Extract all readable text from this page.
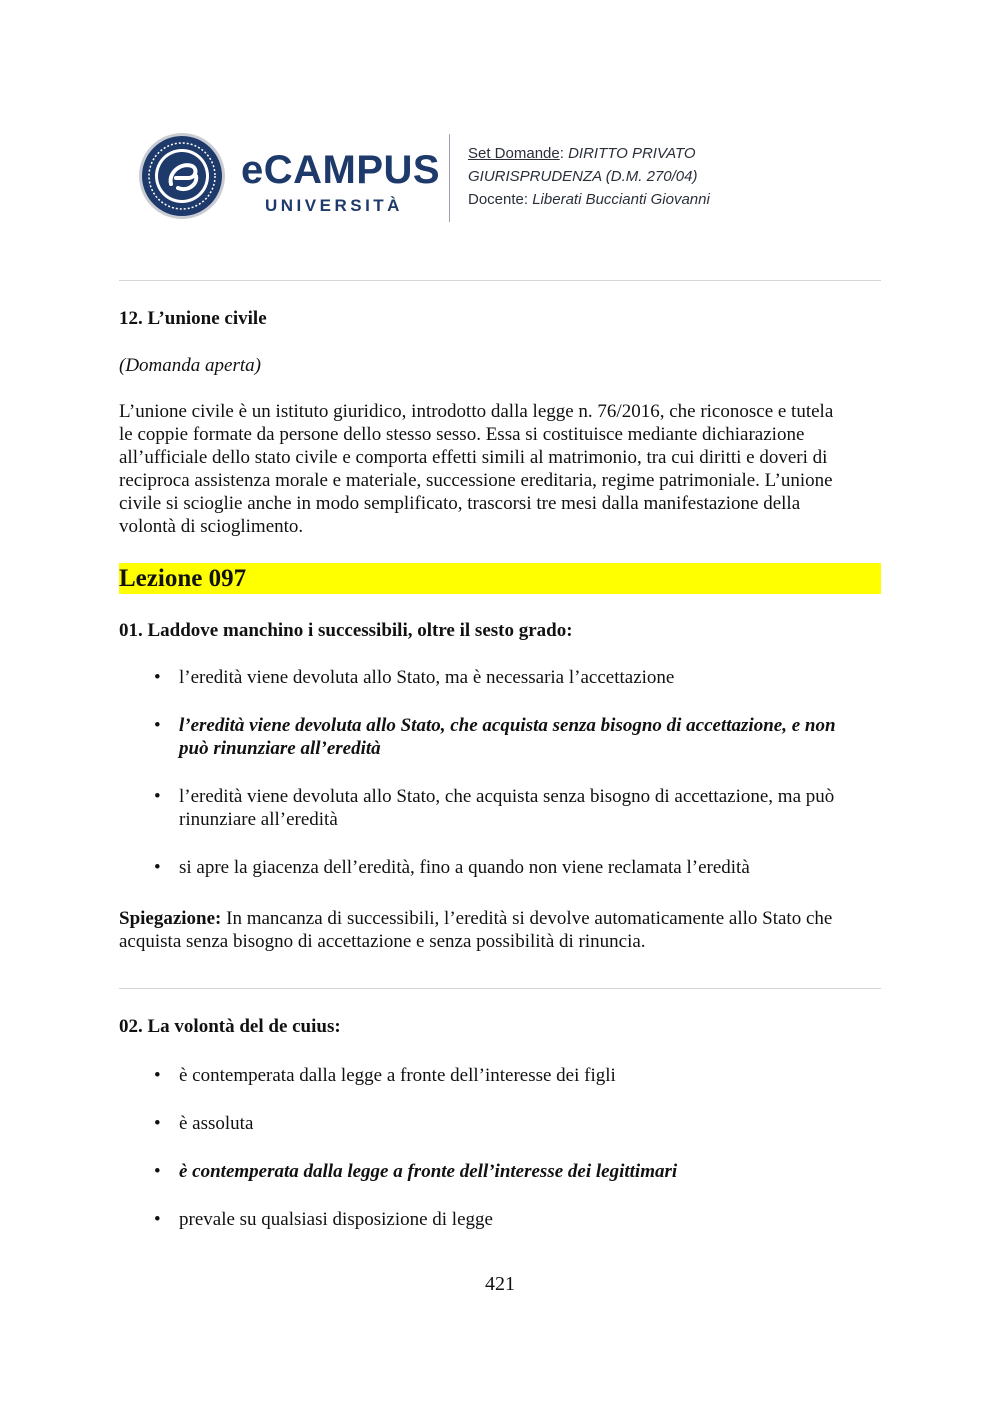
eCAMPUS
UNIVERSITÀ
Set Domande: DIRITTO PRIVATO
GIURISPRUDENZA (D.M. 270/04)
Docente: Liberati Buccianti Giovanni
12. L’unione civile
(Domanda aperta)
L’unione civile è un istituto giuridico, introdotto dalla legge n. 76/2016, che riconosce e tutela
le coppie formate da persone dello stesso sesso. Essa si costituisce mediante dichiarazione
all’ufficiale dello stato civile e comporta effetti simili al matrimonio, tra cui diritti e doveri di
reciproca assistenza morale e materiale, successione ereditaria, regime patrimoniale. L’unione
civile si scioglie anche in modo semplificato, trascorsi tre mesi dalla manifestazione della
volontà di scioglimento.
Lezione 097
01. Laddove manchino i successibili, oltre il sesto grado:
• l’eredità viene devoluta allo Stato, ma è necessaria l’accettazione
• l’eredità viene devoluta allo Stato, che acquista senza bisogno di accettazione, e non
può rinunziare all’eredità
• l’eredità viene devoluta allo Stato, che acquista senza bisogno di accettazione, ma può
rinunziare all’eredità
• si apre la giacenza dell’eredità, fino a quando non viene reclamata l’eredità
Spiegazione: In mancanza di successibili, l’eredità si devolve automaticamente allo Stato che
acquista senza bisogno di accettazione e senza possibilità di rinuncia.
02. La volontà del de cuius:
• è contemperata dalla legge a fronte dell’interesse dei figli
• è assoluta
• è contemperata dalla legge a fronte dell’interesse dei legittimari
• prevale su qualsiasi disposizione di legge
421
